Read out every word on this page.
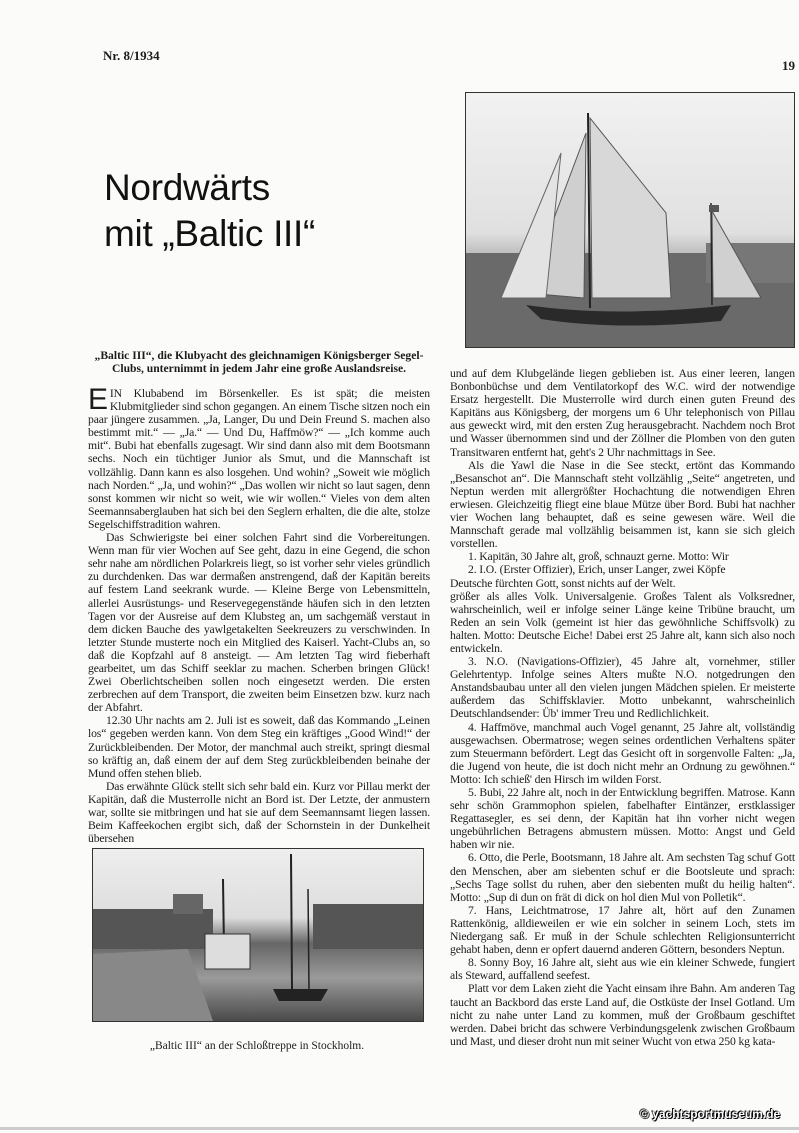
Nr. 8/1934
19
Nordwärts
mit „Baltic III“
„Baltic III“, die Klubyacht des gleichnamigen Königsberger Segel-Clubs, unternimmt in jedem Jahr eine große Auslandsreise.

EIN Klubabend im Börsenkeller. Es ist spät; die meisten Klubmitglieder sind schon gegangen. An einem Tische sitzen noch ein paar jüngere zusammen. „Ja, Langer, Du und Dein Freund S. machen also bestimmt mit.“ — „Ja.“ — Und Du, Haffmöw?“ — „Ich komme auch mit“. Bubi hat ebenfalls zugesagt. Wir sind dann also mit dem Bootsmann sechs. Noch ein tüchtiger Junior als Smut, und die Mannschaft ist vollzählig. Dann kann es also losgehen. Und wohin? „Soweit wie möglich nach Norden.“ „Ja, und wohin?“ „Das wollen wir nicht so laut sagen, denn sonst kommen wir nicht so weit, wie wir wollen.“ Vieles von dem alten Seemannsaberglauben hat sich bei den Seglern erhalten, die die alte, stolze Segelschiffstradition wahren.

Das Schwierigste bei einer solchen Fahrt sind die Vorbereitungen. Wenn man für vier Wochen auf See geht, dazu in eine Gegend, die schon sehr nahe am nördlichen Polarkreis liegt, so ist vorher sehr vieles gründlich zu durchdenken. Das war dermaßen anstrengend, daß der Kapitän bereits auf festem Land seekrank wurde. — Kleine Berge von Lebensmitteln, allerlei Ausrüstungs- und Reservegegenstände häufen sich in den letzten Tagen vor der Ausreise auf dem Klubsteg an, um sachgemäß verstaut in dem dicken Bauche des yawlgetakelten Seekreuzers zu verschwinden. In letzter Stunde musterte noch ein Mitglied des Kaiserl. Yacht-Clubs an, so daß die Kopfzahl auf 8 ansteigt. — Am letzten Tag wird fieberhaft gearbeitet, um das Schiff seeklar zu machen. Scherben bringen Glück! Zwei Oberlichtscheiben sollen noch eingesetzt werden. Die ersten zerbrechen auf dem Transport, die zweiten beim Einsetzen bzw. kurz nach der Abfahrt.

12.30 Uhr nachts am 2. Juli ist es soweit, daß das Kommando „Leinen los“ gegeben werden kann. Von dem Steg ein kräftiges „Good Wind!“ der Zurückbleibenden. Der Motor, der manchmal auch streikt, springt diesmal so kräftig an, daß einem der auf dem Steg zurückbleibenden beinahe der Mund offen stehen blieb.

Das erwähnte Glück stellt sich sehr bald ein. Kurz vor Pillau merkt der Kapitän, daß die Musterrolle nicht an Bord ist. Der Letzte, der anmustern war, sollte sie mitbringen und hat sie auf dem Seemannsamt liegen lassen. Beim Kaffeekochen ergibt sich, daß der Schornstein in der Dunkelheit übersehen

„Baltic III“ an der Schloßtreppe in Stockholm.

und auf dem Klubgelände liegen geblieben ist. Aus einer leeren, langen Bonbonbüchse und dem Ventilatorkopf des W.C. wird der notwendige Ersatz hergestellt. Die Musterrolle wird durch einen guten Freund des Kapitäns aus Königsberg, der morgens um 6 Uhr telephonisch von Pillau aus geweckt wird, mit den ersten Zug herausgebracht. Nachdem noch Brot und Wasser übernommen sind und der Zöllner die Plomben von den guten Transitwaren entfernt hat, geht's 2 Uhr nachmittags in See.

Als die Yawl die Nase in die See steckt, ertönt das Kommando „Besanschot an“. Die Mannschaft steht vollzählig „Seite“ angetreten, und Neptun werden mit allergrößter Hochachtung die notwendigen Ehren erwiesen. Gleichzeitig fliegt eine blaue Mütze über Bord. Bubi hat nachher vier Wochen lang behauptet, daß es seine gewesen wäre. Weil die Mannschaft gerade mal vollzählig beisammen ist, kann sie sich gleich vorstellen.

1. Kapitän, 30 Jahre alt, groß, schnauzt gerne. Motto: Wir

2. I.O. (Erster Offizier), Erich, unser Langer, zwei Köpfe

Deutsche fürchten Gott, sonst nichts auf der Welt.

größer als alles Volk. Universalgenie. Großes Talent als Volksredner, wahrscheinlich, weil er infolge seiner Länge keine Tribüne braucht, um Reden an sein Volk (gemeint ist hier das gewöhnliche Schiffsvolk) zu halten. Motto: Deutsche Eiche! Dabei erst 25 Jahre alt, kann sich also noch entwickeln.

3. N.O. (Navigations-Offizier), 45 Jahre alt, vornehmer, stiller Gelehrtentyp. Infolge seines Alters mußte N.O. notgedrungen den Anstandsbaubau unter all den vielen jungen Mädchen spielen. Er meisterte außerdem das Schiffsklavier. Motto unbekannt, wahrscheinlich Deutschlandsender: Üb' immer Treu und Redlichlichkeit.

4. Haffmöve, manchmal auch Vogel genannt, 25 Jahre alt, vollständig ausgewachsen. Obermatrose; wegen seines ordentlichen Verhaltens später zum Steuermann befördert. Legt das Gesicht oft in sorgenvolle Falten: „Ja, die Jugend von heute, die ist doch nicht mehr an Ordnung zu gewöhnen.“ Motto: Ich schieß' den Hirsch im wilden Forst.

5. Bubi, 22 Jahre alt, noch in der Entwicklung begriffen. Matrose. Kann sehr schön Grammophon spielen, fabelhafter Eintänzer, erstklassiger Regattasegler, es sei denn, der Kapitän hat ihn vorher nicht wegen ungebührlichen Betragens abmustern müssen. Motto: Angst und Geld haben wir nie.

6. Otto, die Perle, Bootsmann, 18 Jahre alt. Am sechsten Tag schuf Gott den Menschen, aber am siebenten schuf er die Bootsleute und sprach: „Sechs Tage sollst du ruhen, aber den siebenten mußt du heilig halten“. Motto: „Sup di dun on frät di dick on hol dien Mul von Polletik“.

7. Hans, Leichtmatrose, 17 Jahre alt, hört auf den Zunamen Rattenkönig, alldieweilen er wie ein solcher in seinem Loch, stets im Niedergang saß. Er muß in der Schule schlechten Religionsunterricht gehabt haben, denn er opfert dauernd anderen Göttern, besonders Neptun.

8. Sonny Boy, 16 Jahre alt, sieht aus wie ein kleiner Schwede, fungiert als Steward, auffallend seefest.

Platt vor dem Laken zieht die Yacht einsam ihre Bahn. Am anderen Tag taucht an Backbord das erste Land auf, die Ostküste der Insel Gotland. Um nicht zu nahe unter Land zu kommen, muß der Großbaum geschiftet werden. Dabei bricht das schwere Verbindungsgelenk zwischen Großbaum und Mast, und dieser droht nun mit seiner Wucht von etwa 250 kg kata-

© yachtsportmuseum.de
